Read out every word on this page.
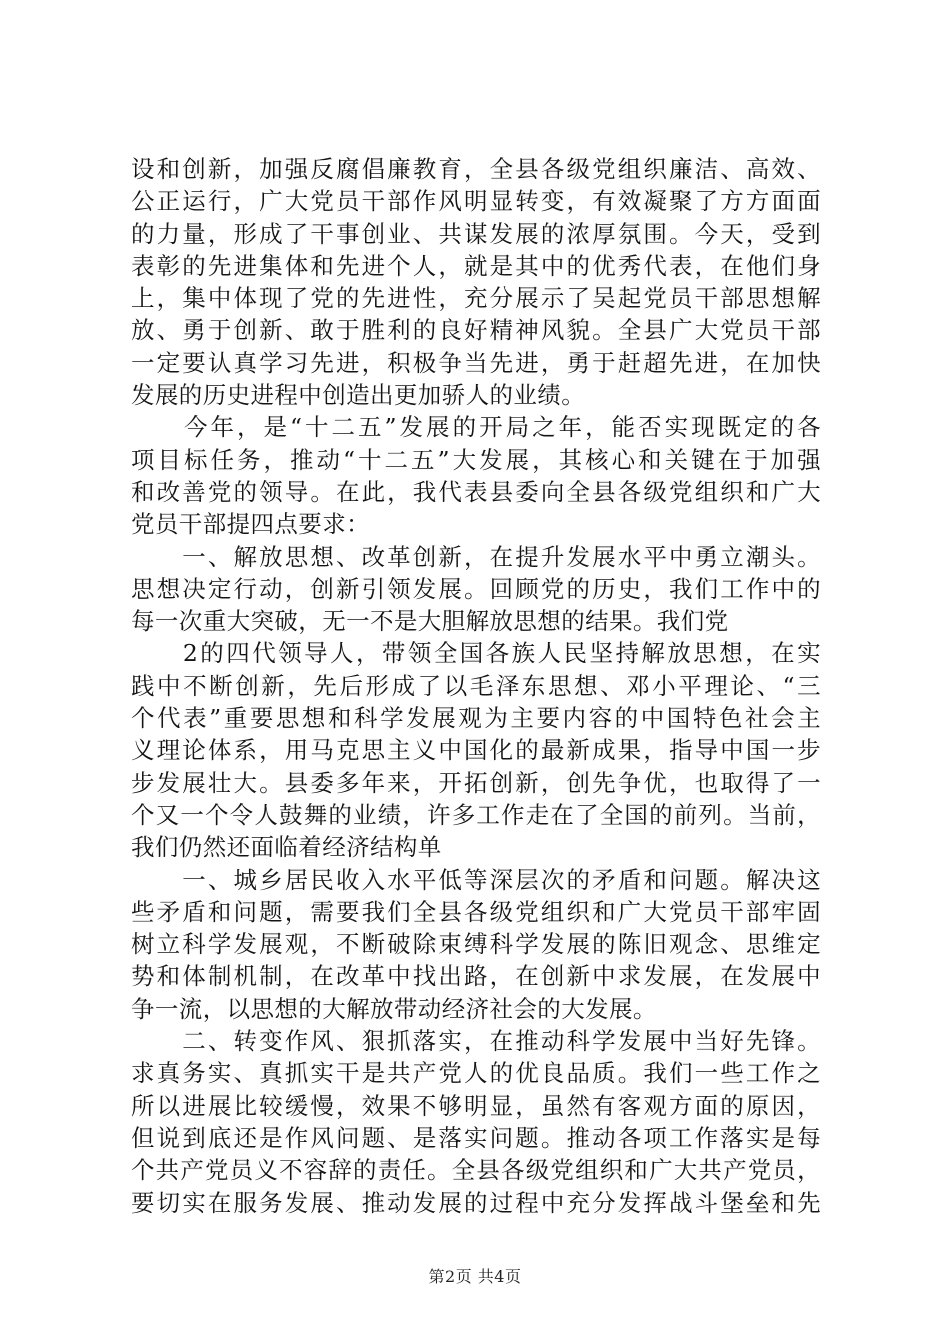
设和创新，加强反腐倡廉教育，全县各级党组织廉洁、高效、
公正运行，广大党员干部作风明显转变，有效凝聚了方方面面
的力量，形成了干事创业、共谋发展的浓厚氛围。今天，受到
表彰的先进集体和先进个人，就是其中的优秀代表，在他们身
上，集中体现了党的先进性，充分展示了吴起党员干部思想解
放、勇于创新、敢于胜利的良好精神风貌。全县广大党员干部
一定要认真学习先进，积极争当先进，勇于赶超先进，在加快
发展的历史进程中创造出更加骄人的业绩。
　　今年，是“十二五”发展的开局之年，能否实现既定的各
项目标任务，推动“十二五”大发展，其核心和关键在于加强
和改善党的领导。在此，我代表县委向全县各级党组织和广大
党员干部提四点要求：
　　一、解放思想、改革创新，在提升发展水平中勇立潮头。
思想决定行动，创新引领发展。回顾党的历史，我们工作中的
每一次重大突破，无一不是大胆解放思想的结果。我们党
　　2的四代领导人，带领全国各族人民坚持解放思想，在实
践中不断创新，先后形成了以毛泽东思想、邓小平理论、“三
个代表”重要思想和科学发展观为主要内容的中国特色社会主
义理论体系，用马克思主义中国化的最新成果，指导中国一步
步发展壮大。县委多年来，开拓创新，创先争优，也取得了一
个又一个令人鼓舞的业绩，许多工作走在了全国的前列。当前，
我们仍然还面临着经济结构单
　　一、城乡居民收入水平低等深层次的矛盾和问题。解决这
些矛盾和问题，需要我们全县各级党组织和广大党员干部牢固
树立科学发展观，不断破除束缚科学发展的陈旧观念、思维定
势和体制机制，在改革中找出路，在创新中求发展，在发展中
争一流，以思想的大解放带动经济社会的大发展。
　　二、转变作风、狠抓落实，在推动科学发展中当好先锋。
求真务实、真抓实干是共产党人的优良品质。我们一些工作之
所以进展比较缓慢，效果不够明显，虽然有客观方面的原因，
但说到底还是作风问题、是落实问题。推动各项工作落实是每
个共产党员义不容辞的责任。全县各级党组织和广大共产党员，
要切实在服务发展、推动发展的过程中充分发挥战斗堡垒和先
第2页 共4页
